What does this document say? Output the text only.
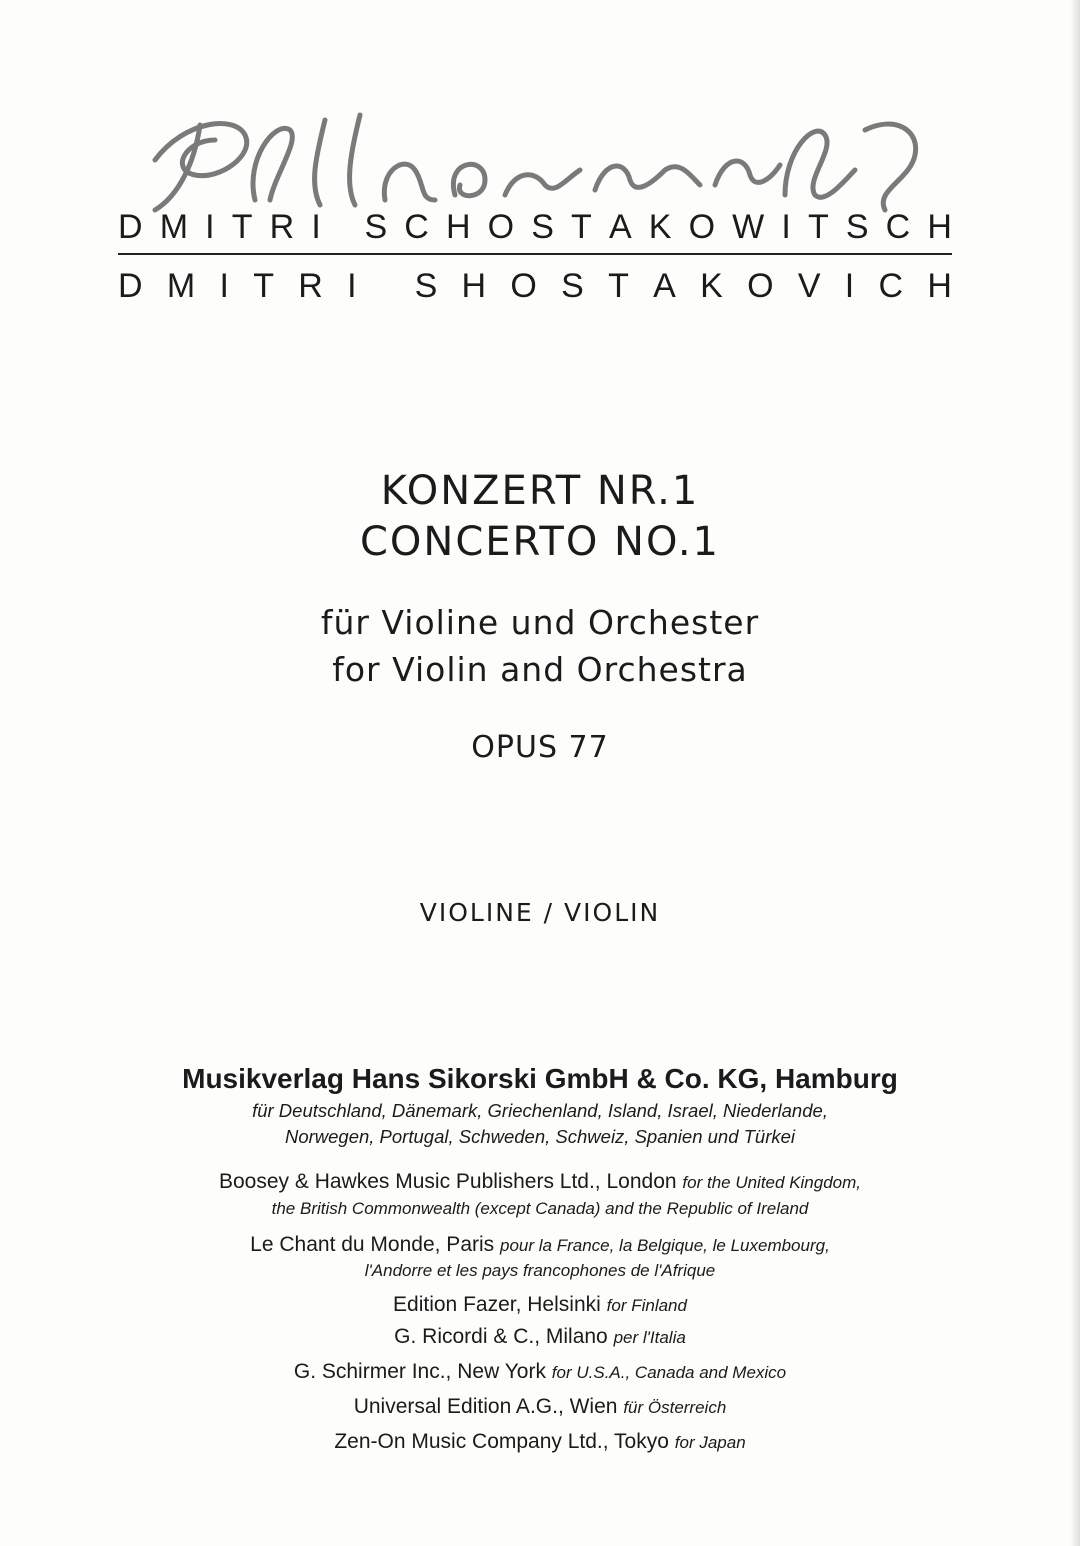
D M I T R I
S C H O S T A K O W I T S C H
D M I T R I
S H O S T A K O V I C H
KONZERT NR.1
CONCERTO NO.1
für Violine und Orchester
for Violin and Orchestra
OPUS 77
VIOLINE / VIOLIN
Musikverlag Hans Sikorski GmbH & Co. KG, Hamburg
für Deutschland, Dänemark, Griechenland, Island, Israel, Niederlande,
Norwegen, Portugal, Schweden, Schweiz, Spanien und Türkei
Boosey & Hawkes Music Publishers Ltd., London for the United Kingdom,
the British Commonwealth (except Canada) and the Republic of Ireland
Le Chant du Monde, Paris pour la France, la Belgique, le Luxembourg,
l'Andorre et les pays francophones de l'Afrique
Edition Fazer, Helsinki for Finland
G. Ricordi & C., Milano per l'Italia
G. Schirmer Inc., New York for U.S.A., Canada and Mexico
Universal Edition A.G., Wien für Österreich
Zen-On Music Company Ltd., Tokyo for Japan
